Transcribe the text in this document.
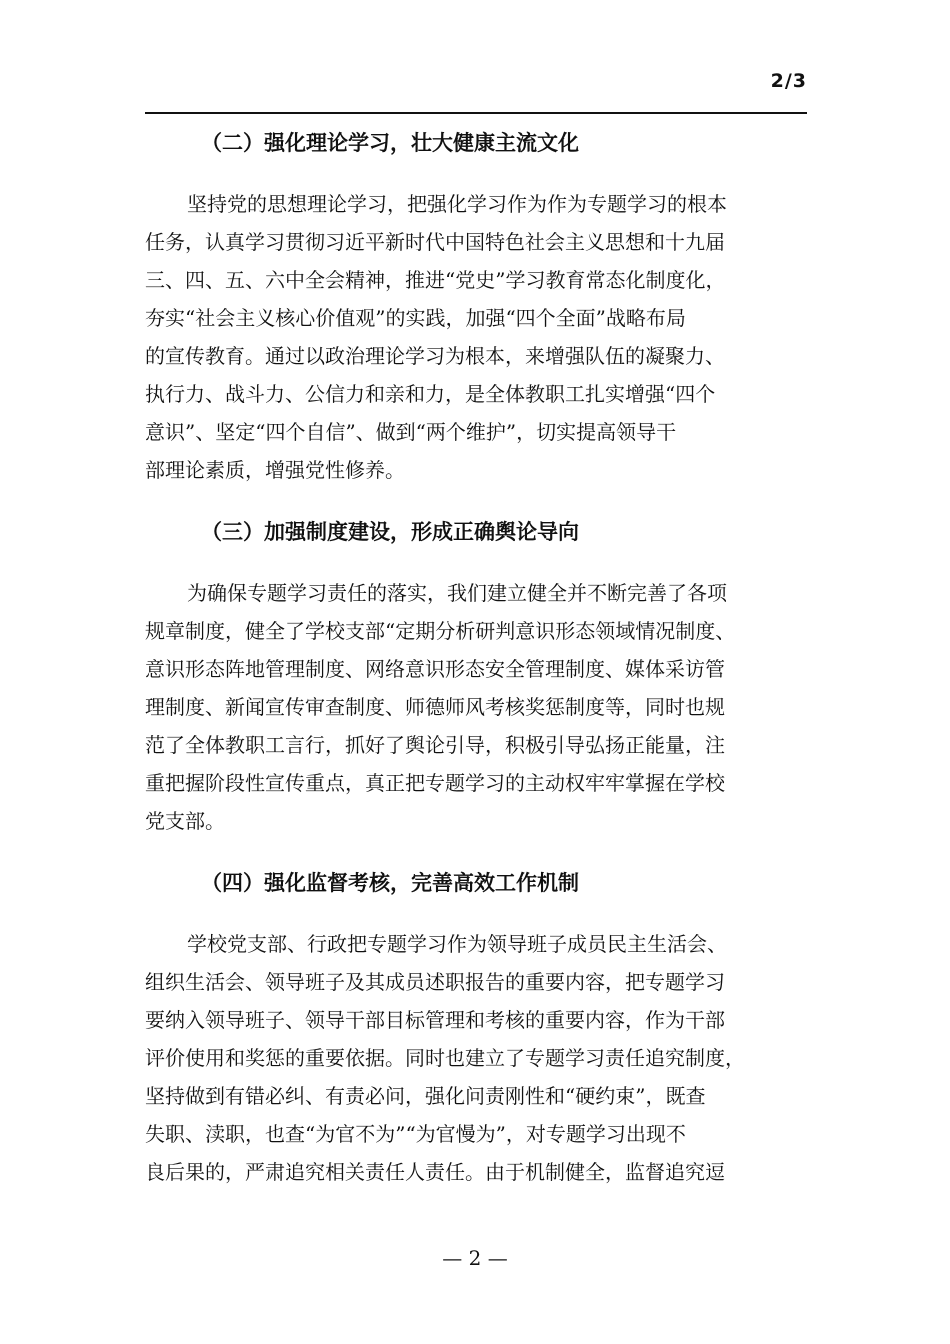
2/3
（二）强化理论学习，壮大健康主流文化

坚持党的思想理论学习，把强化学习作为作为专题学习的根本
任务，认真学习贯彻习近平新时代中国特色社会主义思想和十九届
三、四、五、六中全会精神，推进“党史”学习教育常态化制度化，
夯实“社会主义核心价值观”的实践，加强“四个全面”战略布局
的宣传教育。通过以政治理论学习为根本，来增强队伍的凝聚力、
执行力、战斗力、公信力和亲和力，是全体教职工扎实增强“四个
意识”、坚定“四个自信”、做到“两个维护”，切实提高领导干
部理论素质，增强党性修养。

（三）加强制度建设，形成正确舆论导向

为确保专题学习责任的落实，我们建立健全并不断完善了各项
规章制度，健全了学校支部“定期分析研判意识形态领域情况制度、
意识形态阵地管理制度、网络意识形态安全管理制度、媒体采访管
理制度、新闻宣传审查制度、师德师风考核奖惩制度等，同时也规
范了全体教职工言行，抓好了舆论引导，积极引导弘扬正能量，注
重把握阶段性宣传重点，真正把专题学习的主动权牢牢掌握在学校
党支部。

（四）强化监督考核，完善高效工作机制

学校党支部、行政把专题学习作为领导班子成员民主生活会、
组织生活会、领导班子及其成员述职报告的重要内容，把专题学习
要纳入领导班子、领导干部目标管理和考核的重要内容，作为干部
评价使用和奖惩的重要依据。同时也建立了专题学习责任追究制度，
坚持做到有错必纠、有责必问，强化问责刚性和“硬约束”，既查
失职、渎职，也查“为官不为”“为官慢为”，对专题学习出现不
良后果的，严肃追究相关责任人责任。由于机制健全，监督追究逗

— 2 —
